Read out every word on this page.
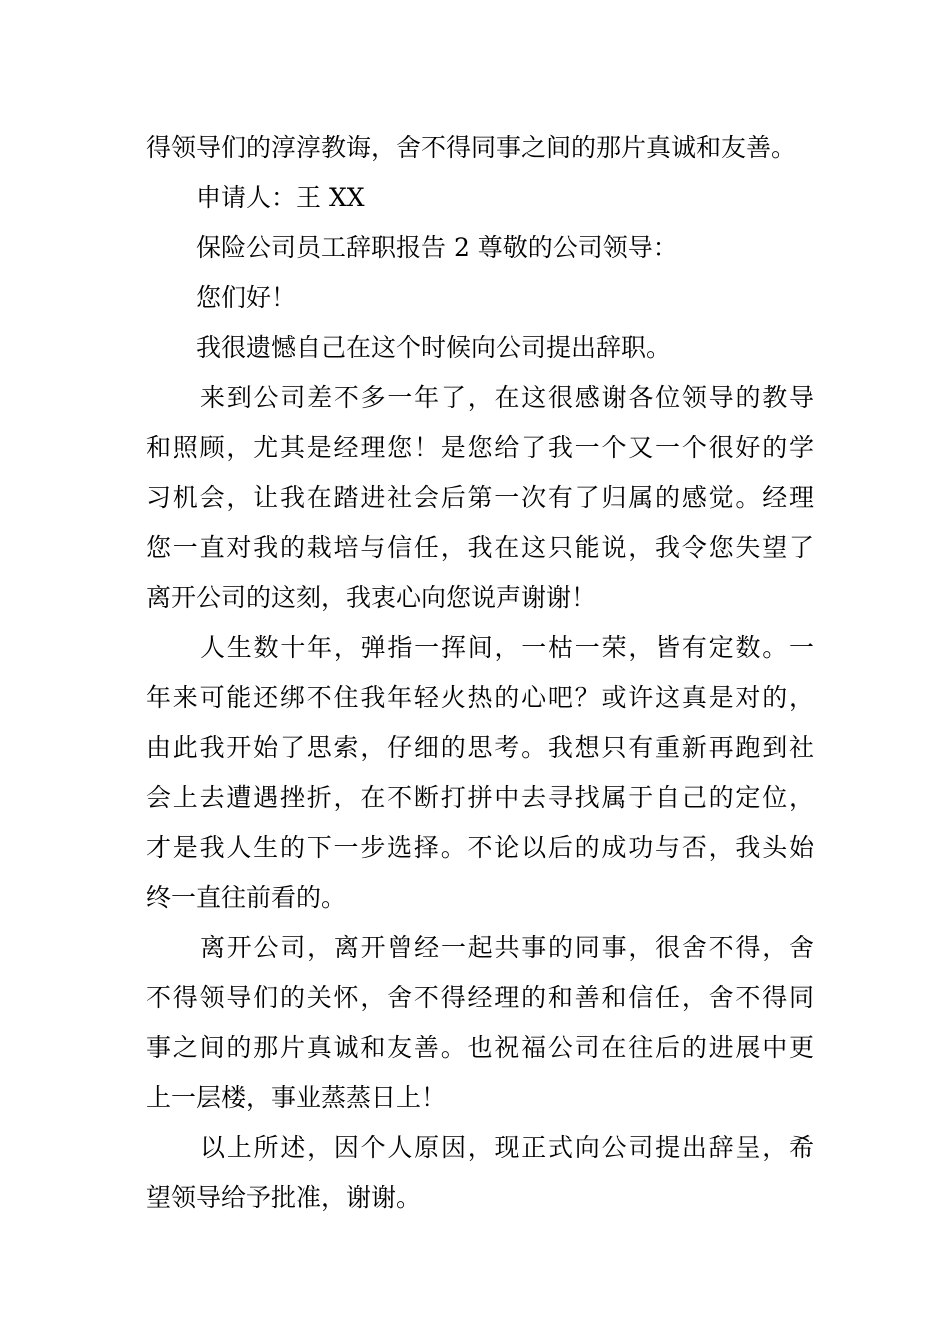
得领导们的淳淳教诲，舍不得同事之间的那片真诚和友善。
申请人：王 XX
保险公司员工辞职报告 2 尊敬的公司领导：
您们好！
我很遗憾自己在这个时候向公司提出辞职。
来到公司差不多一年了，在这很感谢各位领导的教导
和照顾，尤其是经理您！是您给了我一个又一个很好的学
习机会，让我在踏进社会后第一次有了归属的感觉。经理
您一直对我的栽培与信任，我在这只能说，我令您失望了
离开公司的这刻，我衷心向您说声谢谢！
人生数十年，弹指一挥间，一枯一荣，皆有定数。一
年来可能还绑不住我年轻火热的心吧？或许这真是对的，
由此我开始了思索，仔细的思考。我想只有重新再跑到社
会上去遭遇挫折，在不断打拼中去寻找属于自己的定位，
才是我人生的下一步选择。不论以后的成功与否，我头始
终一直往前看的。
离开公司，离开曾经一起共事的同事，很舍不得，舍
不得领导们的关怀，舍不得经理的和善和信任，舍不得同
事之间的那片真诚和友善。也祝福公司在往后的进展中更
上一层楼，事业蒸蒸日上！
以上所述，因个人原因，现正式向公司提出辞呈，希
望领导给予批准，谢谢。
